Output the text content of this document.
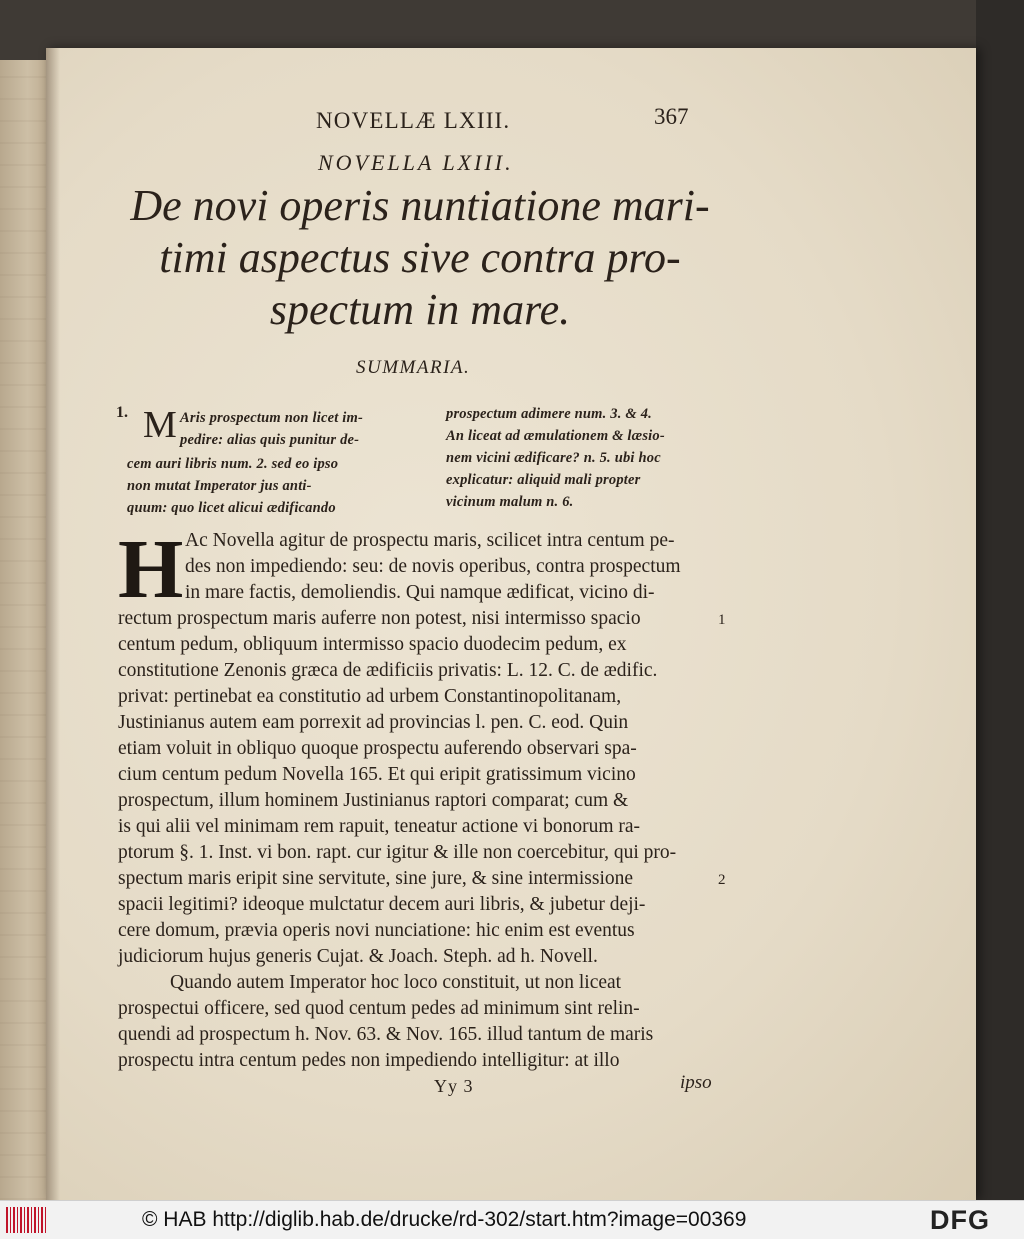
NOVELLÆ LXIII.	367
NOVELLA LXIII.
De novi operis nuntiatione mari-
timi aspectus sive contra pro-
spectum in mare.
SUMMARIA.
1. M Aris prospectum non licet im-
pedire: alias quis punitur de-
cem auri libris num. 2. sed eo ipso
non mutat Imperator jus anti-
quum: quo licet alicui ædificando
prospectum adimere num. 3. & 4.
An liceat ad æmulationem & læsio-
nem vicini ædificare? n. 5. ubi hoc
explicatur: aliquid mali propter
vicinum malum n. 6.
H Ac Novella agitur de prospectu maris, scilicet intra centum pe-
des non impediendo: seu: de novis operibus, contra prospectum
in mare factis, demoliendis. Qui namque ædificat, vicino di-
rectum prospectum maris auferre non potest, nisi intermisso spacio
centum pedum, obliquum intermisso spacio duodecim pedum, ex
constitutione Zenonis græca de ædificiis privatis: L. 12. C. de ædific.
privat: pertinebat ea constitutio ad urbem Constantinopolitanam,
Justinianus autem eam porrexit ad provincias l. pen. C. eod. Quin
etiam voluit in obliquo quoque prospectu auferendo observari spa-
cium centum pedum Novella 165. Et qui eripit gratissimum vicino
prospectum, illum hominem Justinianus raptori comparat; cum &
is qui alii vel minimam rem rapuit, teneatur actione vi bonorum ra-
ptorum §. 1. Inst. vi bon. rapt. cur igitur & ille non coercebitur, qui pro-
spectum maris eripit sine servitute, sine jure, & sine intermissione
spacii legitimi? ideoque mulctatur decem auri libris, & jubetur deji-
cere domum, prævia operis novi nunciatione: hic enim est eventus
judiciorum hujus generis Cujat. & Joach. Steph. ad h. Novell.
Quando autem Imperator hoc loco constituit, ut non liceat
prospectui officere, sed quod centum pedes ad minimum sint relin-
quendi ad prospectum h. Nov. 63. & Nov. 165. illud tantum de maris
prospectu intra centum pedes non impediendo intelligitur: at illo
1
2
Yy 3	ipso
© HAB http://diglib.hab.de/drucke/rd-302/start.htm?image=00369	DFG
